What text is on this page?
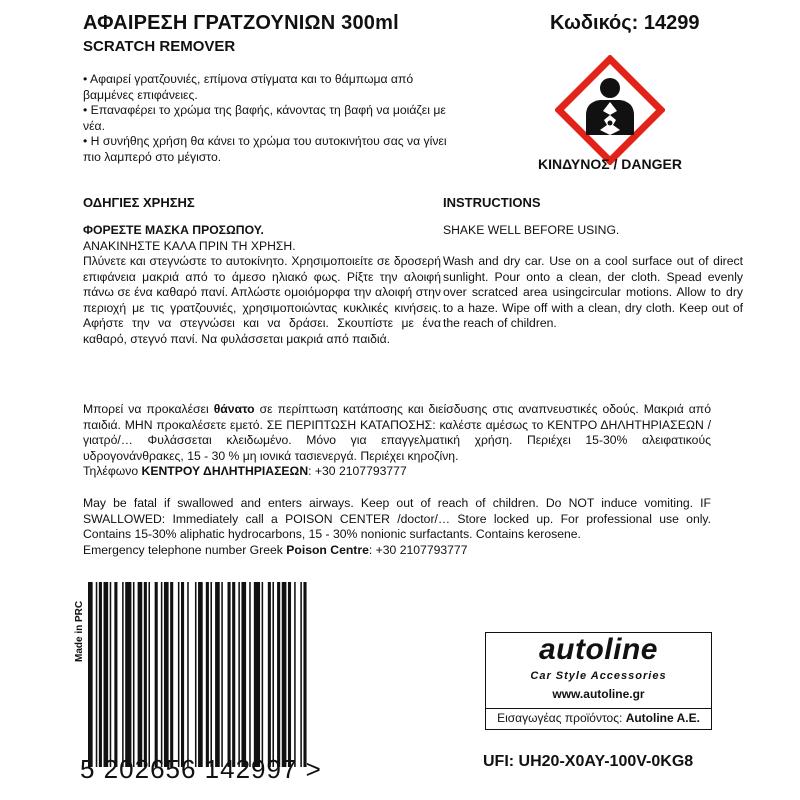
ΑΦΑΙΡΕΣΗ ΓΡΑΤΖΟΥΝΙΩΝ 300ml
SCRATCH REMOVER
Κωδικός: 14299
• Αφαιρεί γρατζουνιές, επίμονα στίγματα και το θάμπωμα από βαμμένες επιφάνειες.
• Επαναφέρει το χρώμα της βαφής, κάνοντας τη βαφή να μοιάζει με νέα.
• Η συνήθης χρήση θα κάνει το χρώμα του αυτοκινήτου σας να γίνει πιο λαμπερό στο μέγιστο.	ΚΙΝΔΥΝΟΣ / DANGER
ΟΔΗΓΙΕΣ ΧΡΗΣΗΣ	INSTRUCTIONS
ΦΟΡΕΣΤΕ ΜΑΣΚΑ ΠΡΟΣΩΠΟΥ.
ΑΝΑΚΙΝΗΣΤΕ ΚΑΛΑ ΠΡΙΝ ΤΗ ΧΡΗΣΗ.
Πλύνετε και στεγνώστε το αυτοκίνητο. Χρησιμοποιείτε σε δροσερή επιφάνεια μακριά από το άμεσο ηλιακό φως. Ρίξτε την αλοιφή πάνω σε ένα καθαρό πανί. Απλώστε ομοιόμορφα την αλοιφή στην περιοχή με τις γρατζουνιές, χρησιμοποιώντας κυκλικές κινήσεις. Αφήστε την να στεγνώσει και να δράσει. Σκουπίστε με ένα καθαρό, στεγνό πανί. Να φυλάσσεται μακριά από παιδιά.
SHAKE WELL BEFORE USING.
Wash and dry car. Use on a cool surface out of direct sunlight. Pour onto a clean, der cloth. Spead evenly over scratced area usingcircular motions. Allow to dry to a haze. Wipe off with a clean, dry cloth. Keep out of the reach of children.
Μπορεί να προκαλέσει θάνατο σε περίπτωση κατάποσης και διείσδυσης στις αναπνευστικές οδούς. Μακριά από παιδιά. ΜΗΝ προκαλέσετε εμετό. ΣΕ ΠΕΡΙΠΤΩΣΗ ΚΑΤΑΠΟΣΗΣ: καλέστε αμέσως το ΚΕΝΤΡΟ ΔΗΛΗΤΗΡΙΑΣΕΩΝ /γιατρό/… Φυλάσσεται κλειδωμένο. Μόνο για επαγγελματική χρήση. Περιέχει 15-30% αλειφατικούς υδρογονάνθρακες, 15 - 30 % μη ιονικά τασιενεργά. Περιέχει κηροζίνη.
Τηλέφωνο ΚΕΝΤΡΟΥ ΔΗΛΗΤΗΡΙΑΣΕΩΝ: +30 2107793777
May be fatal if swallowed and enters airways. Keep out of reach of children. Do NOT induce vomiting. IF SWALLOWED: Immediately call a POISON CENTER /doctor/… Store locked up. For professional use only. Contains 15-30% aliphatic hydrocarbons, 15 - 30% nonionic surfactants. Contains kerosene.
Emergency telephone number Greek Poison Centre: +30 2107793777
Made in PRC
5 202656 142997 >
autoline
Car Style Accessories
www.autoline.gr
Εισαγωγέας προϊόντος: Autoline A.E.
UFI: UH20-X0AY-100V-0KG8
